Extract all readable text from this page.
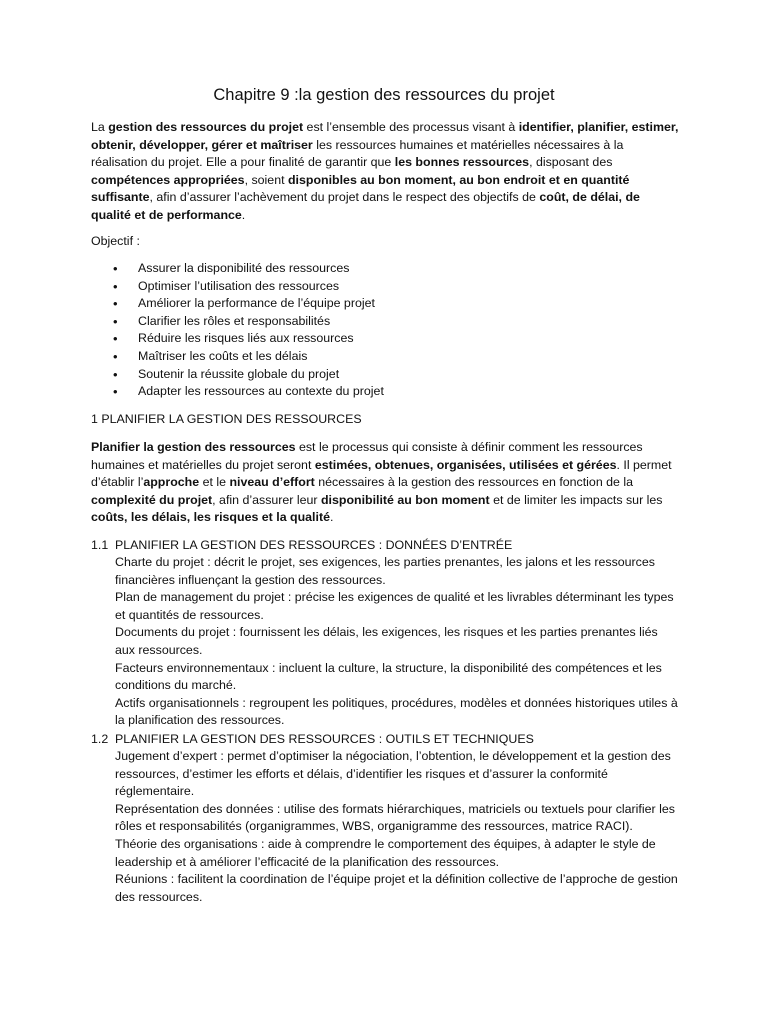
Chapitre 9 :la gestion des ressources du projet

La gestion des ressources du projet est l’ensemble des processus visant à identifier, planifier, estimer, obtenir, développer, gérer et maîtriser les ressources humaines et matérielles nécessaires à la réalisation du projet. Elle a pour finalité de garantir que les bonnes ressources, disposant des compétences appropriées, soient disponibles au bon moment, au bon endroit et en quantité suffisante, afin d’assurer l’achèvement du projet dans le respect des objectifs de coût, de délai, de qualité et de performance.

Objectif :

• Assurer la disponibilité des ressources
• Optimiser l’utilisation des ressources
• Améliorer la performance de l’équipe projet
• Clarifier les rôles et responsabilités
• Réduire les risques liés aux ressources
• Maîtriser les coûts et les délais
• Soutenir la réussite globale du projet
• Adapter les ressources au contexte du projet

1 PLANIFIER LA GESTION DES RESSOURCES

Planifier la gestion des ressources est le processus qui consiste à définir comment les ressources humaines et matérielles du projet seront estimées, obtenues, organisées, utilisées et gérées. Il permet d’établir l’approche et le niveau d’effort nécessaires à la gestion des ressources en fonction de la complexité du projet, afin d’assurer leur disponibilité au bon moment et de limiter les impacts sur les coûts, les délais, les risques et la qualité.

1.1 PLANIFIER LA GESTION DES RESSOURCES : DONNÉES D’ENTRÉE
Charte du projet : décrit le projet, ses exigences, les parties prenantes, les jalons et les ressources financières influençant la gestion des ressources.
Plan de management du projet : précise les exigences de qualité et les livrables déterminant les types et quantités de ressources.
Documents du projet : fournissent les délais, les exigences, les risques et les parties prenantes liés aux ressources.
Facteurs environnementaux : incluent la culture, la structure, la disponibilité des compétences et les conditions du marché.
Actifs organisationnels : regroupent les politiques, procédures, modèles et données historiques utiles à la planification des ressources.
1.2 PLANIFIER LA GESTION DES RESSOURCES : OUTILS ET TECHNIQUES
Jugement d’expert : permet d’optimiser la négociation, l’obtention, le développement et la gestion des ressources, d’estimer les efforts et délais, d’identifier les risques et d’assurer la conformité réglementaire.
Représentation des données : utilise des formats hiérarchiques, matriciels ou textuels pour clarifier les rôles et responsabilités (organigrammes, WBS, organigramme des ressources, matrice RACI).
Théorie des organisations : aide à comprendre le comportement des équipes, à adapter le style de leadership et à améliorer l’efficacité de la planification des ressources.
Réunions : facilitent la coordination de l’équipe projet et la définition collective de l’approche de gestion des ressources.
